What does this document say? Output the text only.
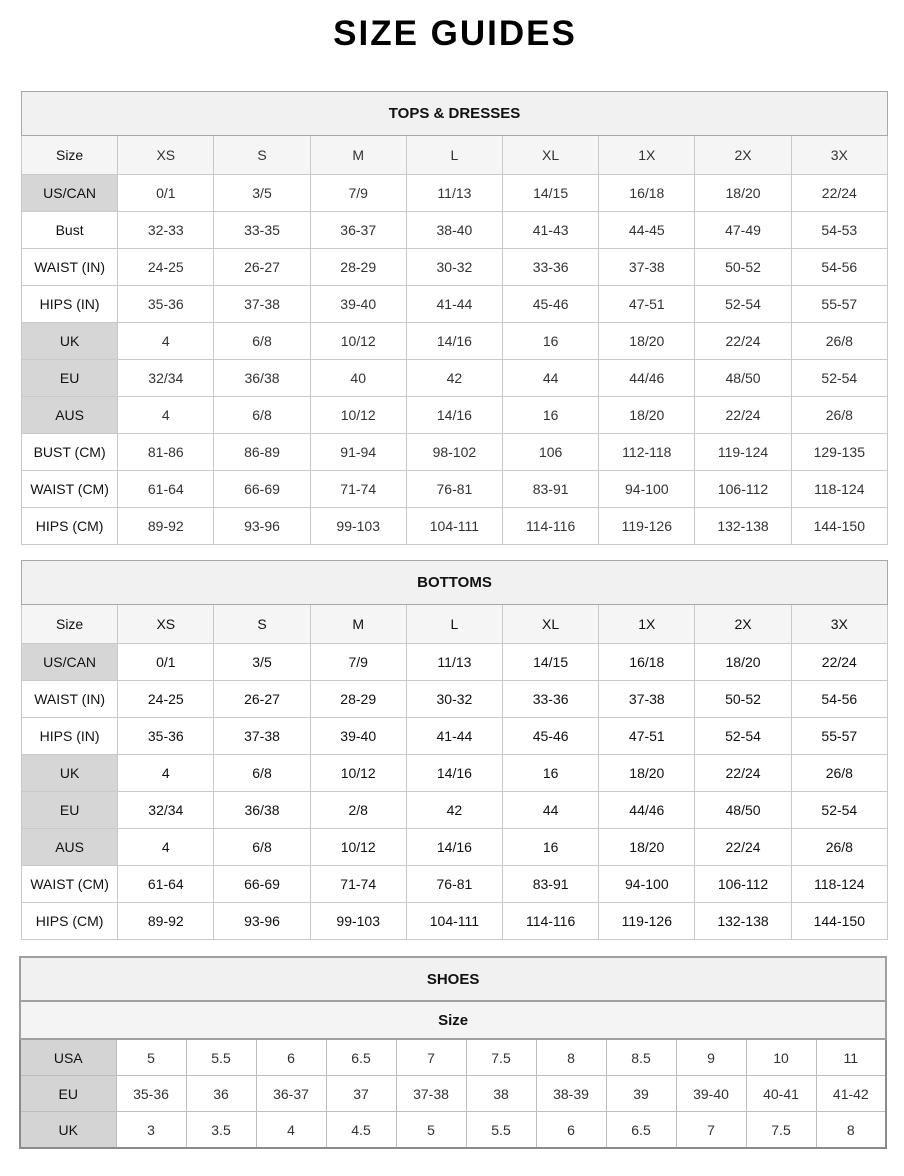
SIZE GUIDES
TOPS & DRESSES								
Size	XS	S	M	L	XL	1X	2X	3X
US/CAN	0/1	3/5	7/9	11/13	14/15	16/18	18/20	22/24
Bust	32-33	33-35	36-37	38-40	41-43	44-45	47-49	54-53
WAIST (IN)	24-25	26-27	28-29	30-32	33-36	37-38	50-52	54-56
HIPS (IN)	35-36	37-38	39-40	41-44	45-46	47-51	52-54	55-57
UK	4	6/8	10/12	14/16	16	18/20	22/24	26/8
EU	32/34	36/38	40	42	44	44/46	48/50	52-54
AUS	4	6/8	10/12	14/16	16	18/20	22/24	26/8
BUST (CM)	81-86	86-89	91-94	98-102	106	112-118	119-124	129-135
WAIST (CM)	61-64	66-69	71-74	76-81	83-91	94-100	106-112	118-124
HIPS (CM)	89-92	93-96	99-103	104-111	114-116	119-126	132-138	144-150
BOTTOMS								
Size	XS	S	M	L	XL	1X	2X	3X
US/CAN	0/1	3/5	7/9	11/13	14/15	16/18	18/20	22/24
WAIST (IN)	24-25	26-27	28-29	30-32	33-36	37-38	50-52	54-56
HIPS (IN)	35-36	37-38	39-40	41-44	45-46	47-51	52-54	55-57
UK	4	6/8	10/12	14/16	16	18/20	22/24	26/8
EU	32/34	36/38	2/8	42	44	44/46	48/50	52-54
AUS	4	6/8	10/12	14/16	16	18/20	22/24	26/8
WAIST (CM)	61-64	66-69	71-74	76-81	83-91	94-100	106-112	118-124
HIPS (CM)	89-92	93-96	99-103	104-111	114-116	119-126	132-138	144-150
SHOES											
Size											
USA	5	5.5	6	6.5	7	7.5	8	8.5	9	10	11
EU	35-36	36	36-37	37	37-38	38	38-39	39	39-40	40-41	41-42
UK	3	3.5	4	4.5	5	5.5	6	6.5	7	7.5	8
